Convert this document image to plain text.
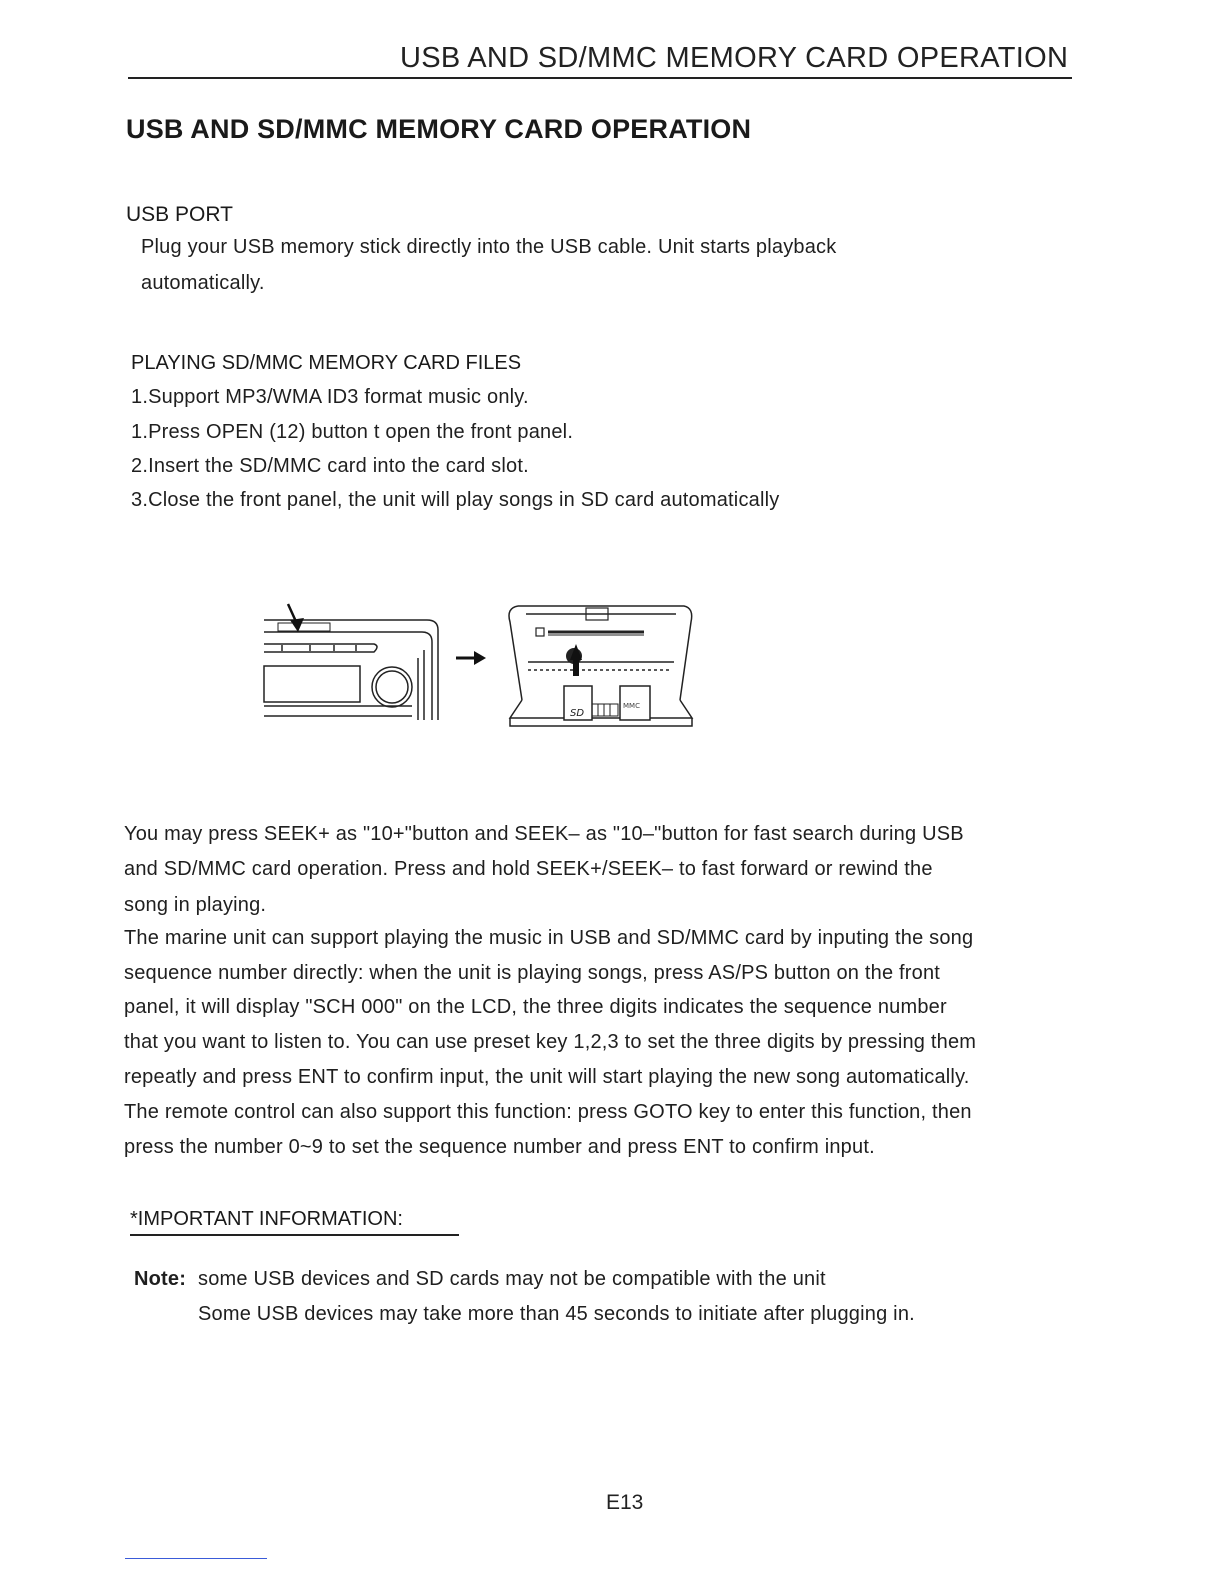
USB AND SD/MMC MEMORY CARD OPERATION
USB AND SD/MMC MEMORY CARD OPERATION
USB PORT
Plug your USB memory stick directly into the USB cable. Unit starts playback
automatically.
PLAYING SD/MMC MEMORY CARD FILES
1.Support MP3/WMA ID3 format music only.
1.Press OPEN (12) button t open the front panel.
2.Insert the SD/MMC card into the card slot.
3.Close the front panel, the unit will play songs in SD card automatically
SD
MMC
You may press SEEK+ as "10+"button and SEEK– as "10–"button for fast search during USB
and SD/MMC card operation. Press and hold SEEK+/SEEK– to fast forward or rewind the
song in playing.
The marine unit can support playing the music in USB and SD/MMC card by inputing the song
sequence number directly: when the unit is playing songs, press AS/PS button on the front
panel, it will display "SCH 000" on the LCD, the three digits indicates the sequence number
that you want to listen to. You can use preset key 1,2,3 to set the three digits by pressing them
repeatly and press ENT to confirm input, the unit will start playing the new song automatically.
The remote control can also support this function: press GOTO key to enter this function, then
press the number 0~9 to set the sequence number and press ENT to confirm input.
*IMPORTANT INFORMATION:
Note: some USB devices and SD cards may not be compatible with the unit
Some USB devices may take more than 45 seconds to initiate after plugging in.
E13
